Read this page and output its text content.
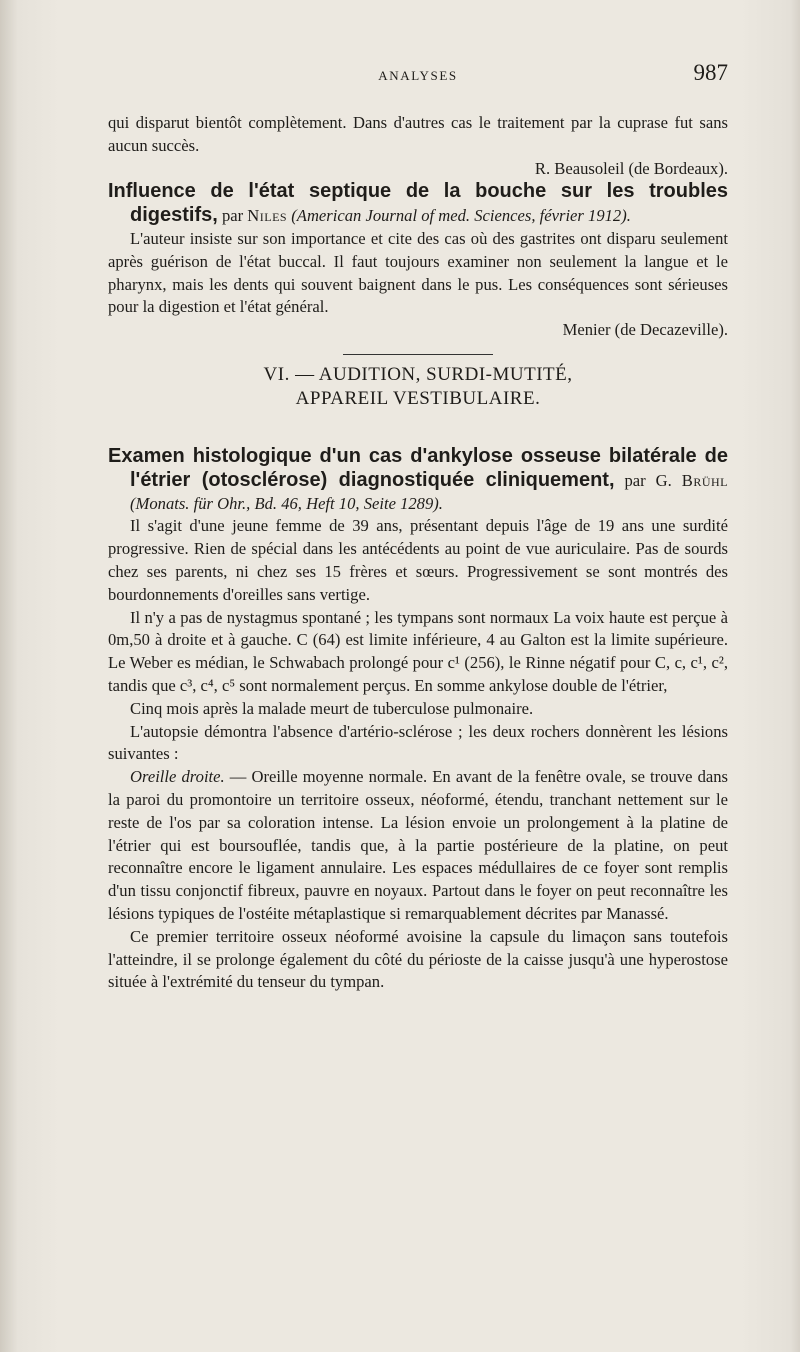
ANALYSES	987

qui disparut bientôt complètement. Dans d'autres cas le traitement par la cuprase fut sans aucun succès.

R. Beausoleil (de Bordeaux).

Influence de l'état septique de la bouche sur les troubles digestifs, par Niles (American Journal of med. Sciences, février 1912).

L'auteur insiste sur son importance et cite des cas où des gastrites ont disparu seulement après guérison de l'état buccal. Il faut toujours examiner non seulement la langue et le pharynx, mais les dents qui souvent baignent dans le pus. Les conséquences sont sérieuses pour la digestion et l'état général.

Menier (de Decazeville).

VI. — AUDITION, SURDI-MUTITÉ,
APPAREIL VESTIBULAIRE.
Examen histologique d'un cas d'ankylose osseuse bilatérale de l'étrier (otosclérose) diagnostiquée cliniquement, par G. Brühl (Monats. für Ohr., Bd. 46, Heft 10, Seite 1289).

Il s'agit d'une jeune femme de 39 ans, présentant depuis l'âge de 19 ans une surdité progressive. Rien de spécial dans les antécédents au point de vue auriculaire. Pas de sourds chez ses parents, ni chez ses 15 frères et sœurs. Progressivement se sont montrés des bourdonnements d'oreilles sans vertige.

Il n'y a pas de nystagmus spontané ; les tympans sont normaux La voix haute est perçue à 0m,50 à droite et à gauche. C (64) est limite inférieure, 4 au Galton est la limite supérieure. Le Weber es médian, le Schwabach prolongé pour c¹ (256), le Rinne négatif pour C, c, c¹, c², tandis que c³, c⁴, c⁵ sont normalement perçus. En somme ankylose double de l'étrier,

Cinq mois après la malade meurt de tuberculose pulmonaire.

L'autopsie démontra l'absence d'artério-sclérose ; les deux rochers donnèrent les lésions suivantes :

Oreille droite. — Oreille moyenne normale. En avant de la fenêtre ovale, se trouve dans la paroi du promontoire un territoire osseux, néoformé, étendu, tranchant nettement sur le reste de l'os par sa coloration intense. La lésion envoie un prolongement à la platine de l'étrier qui est boursouflée, tandis que, à la partie postérieure de la platine, on peut reconnaître encore le ligament annulaire. Les espaces médullaires de ce foyer sont remplis d'un tissu conjonctif fibreux, pauvre en noyaux. Partout dans le foyer on peut reconnaître les lésions typiques de l'ostéite métaplastique si remarquablement décrites par Manassé.

Ce premier territoire osseux néoformé avoisine la capsule du limaçon sans toutefois l'atteindre, il se prolonge également du côté du périoste de la caisse jusqu'à une hyperostose située à l'extrémité du tenseur du tympan.
